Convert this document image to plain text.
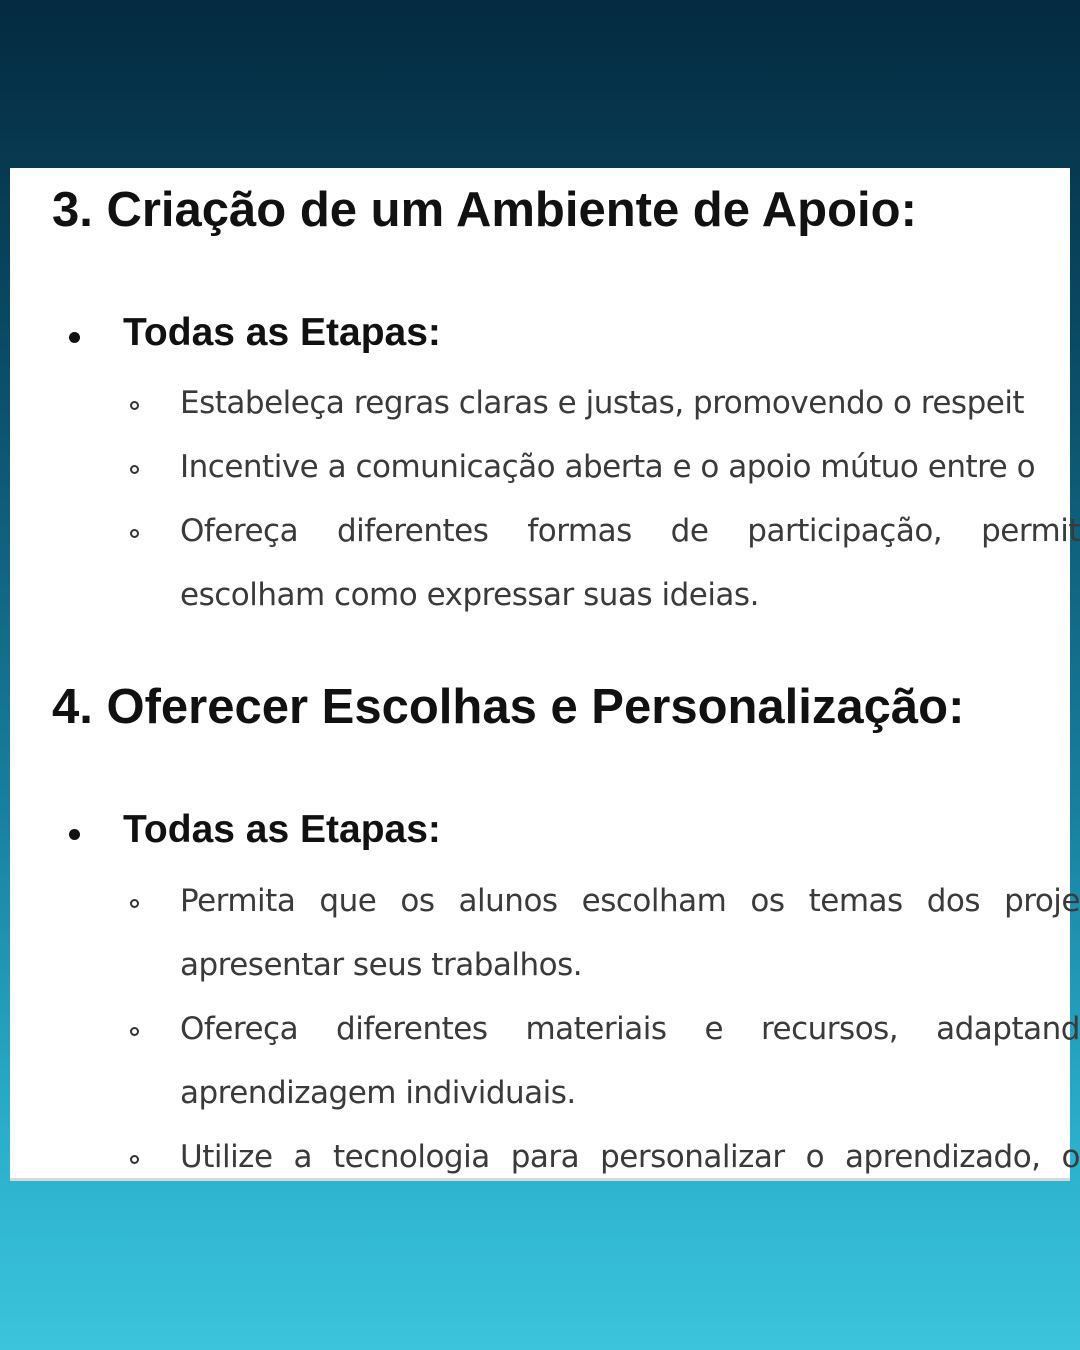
3. Criação de um Ambiente de Apoio:
Todas as Etapas:
Estabeleça regras claras e justas, promovendo o respeit
Incentive a comunicação aberta e o apoio mútuo entre o
Ofereça diferentes formas de participação, permit
escolham como expressar suas ideias.
4. Oferecer Escolhas e Personalização:
Todas as Etapas:
Permita que os alunos escolham os temas dos proje
apresentar seus trabalhos.
Ofereça diferentes materiais e recursos, adaptand
aprendizagem individuais.
Utilize a tecnologia para personalizar o aprendizado, o
